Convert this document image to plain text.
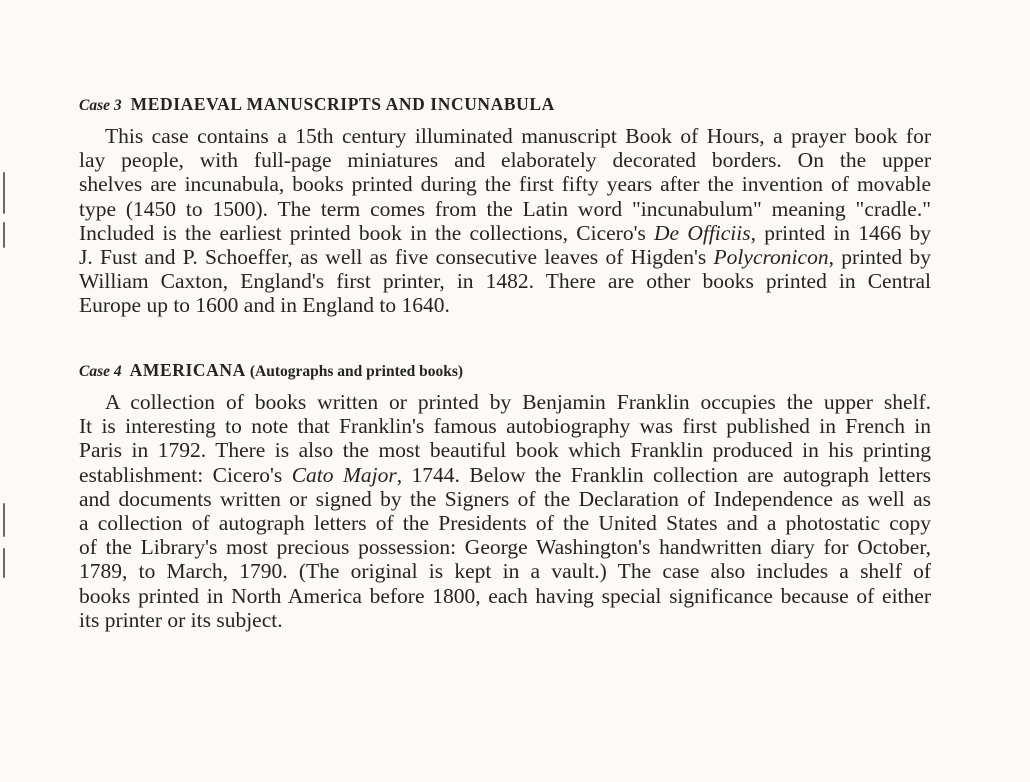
Case 3 MEDIAEVAL MANUSCRIPTS AND INCUNABULA
This case contains a 15th century illuminated manuscript Book of Hours, a prayer book for
lay people, with full-page miniatures and elaborately decorated borders. On the upper
shelves are incunabula, books printed during the first fifty years after the invention of movable
type (1450 to 1500). The term comes from the Latin word "incunabulum" meaning "cradle."
Included is the earliest printed book in the collections, Cicero's De Officiis, printed in 1466 by
J. Fust and P. Schoeffer, as well as five consecutive leaves of Higden's Polycronicon, printed by
William Caxton, England's first printer, in 1482. There are other books printed in Central
Europe up to 1600 and in England to 1640.
Case 4 AMERICANA (Autographs and printed books)
A collection of books written or printed by Benjamin Franklin occupies the upper shelf.
It is interesting to note that Franklin's famous autobiography was first published in French in
Paris in 1792. There is also the most beautiful book which Franklin produced in his printing
establishment: Cicero's Cato Major, 1744. Below the Franklin collection are autograph letters
and documents written or signed by the Signers of the Declaration of Independence as well as
a collection of autograph letters of the Presidents of the United States and a photostatic copy
of the Library's most precious possession: George Washington's handwritten diary for October,
1789, to March, 1790. (The original is kept in a vault.) The case also includes a shelf of
books printed in North America before 1800, each having special significance because of either
its printer or its subject.
